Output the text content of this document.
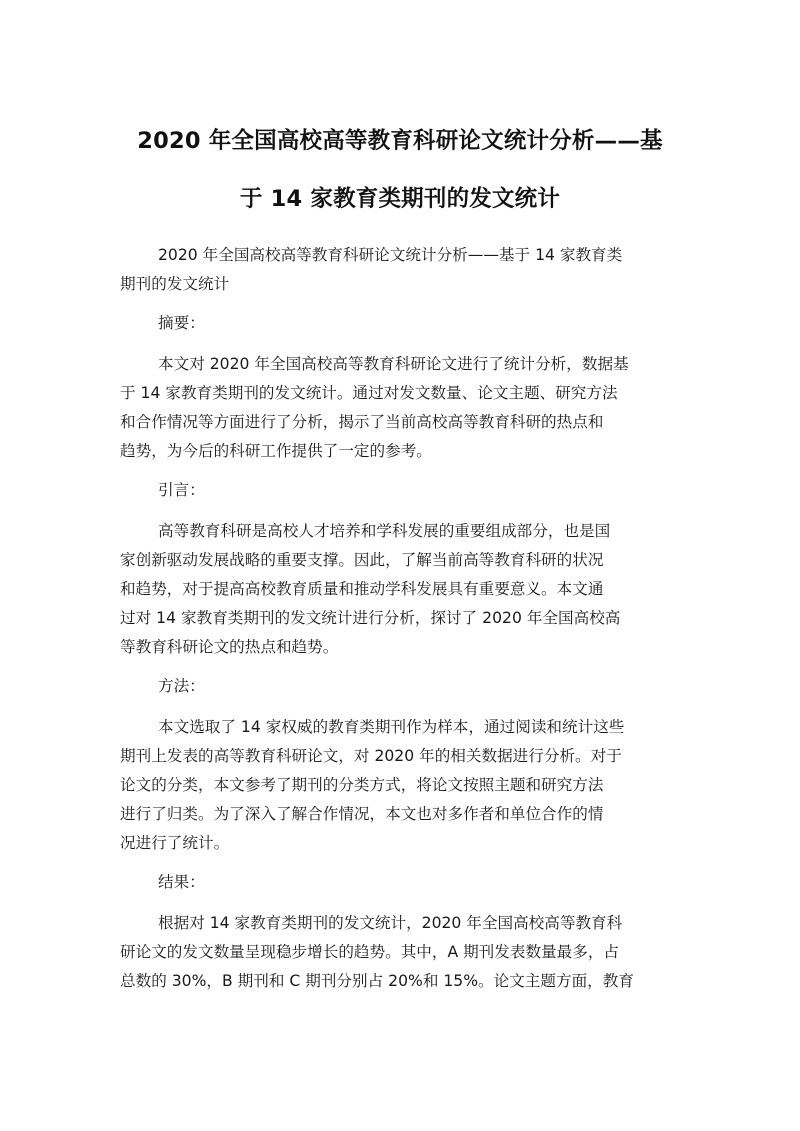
2020 年全国高校高等教育科研论文统计分析——基
于 14 家教育类期刊的发文统计

2020 年全国高校高等教育科研论文统计分析——基于 14 家教育类
期刊的发文统计

摘要：

本文对 2020 年全国高校高等教育科研论文进行了统计分析，数据基
于 14 家教育类期刊的发文统计。通过对发文数量、论文主题、研究方法
和合作情况等方面进行了分析，揭示了当前高校高等教育科研的热点和
趋势，为今后的科研工作提供了一定的参考。

引言：

高等教育科研是高校人才培养和学科发展的重要组成部分，也是国
家创新驱动发展战略的重要支撑。因此，了解当前高等教育科研的状况
和趋势，对于提高高校教育质量和推动学科发展具有重要意义。本文通
过对 14 家教育类期刊的发文统计进行分析，探讨了 2020 年全国高校高
等教育科研论文的热点和趋势。

方法：

本文选取了 14 家权威的教育类期刊作为样本，通过阅读和统计这些
期刊上发表的高等教育科研论文，对 2020 年的相关数据进行分析。对于
论文的分类，本文参考了期刊的分类方式，将论文按照主题和研究方法
进行了归类。为了深入了解合作情况，本文也对多作者和单位合作的情
况进行了统计。

结果：

根据对 14 家教育类期刊的发文统计，2020 年全国高校高等教育科
研论文的发文数量呈现稳步增长的趋势。其中，A 期刊发表数量最多，占
总数的 30%，B 期刊和 C 期刊分别占 20%和 15%。论文主题方面，教育
